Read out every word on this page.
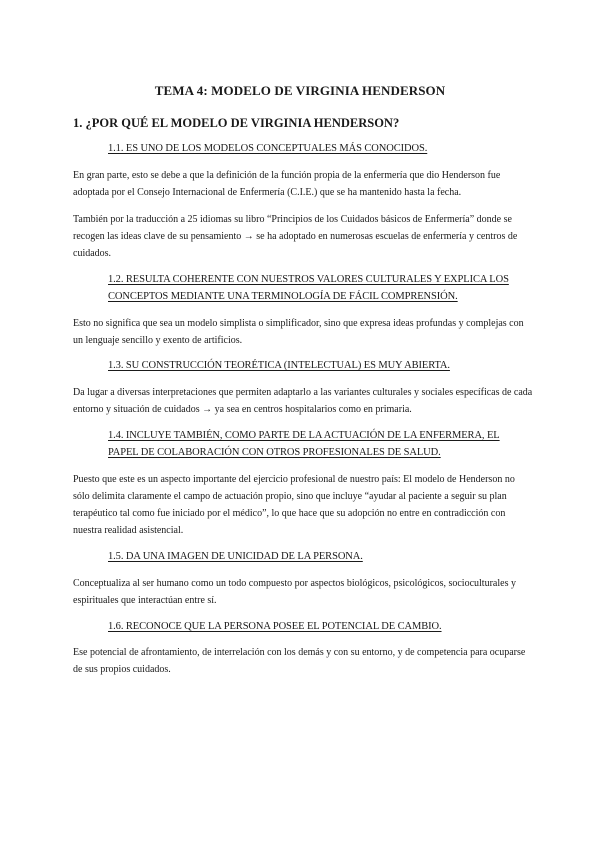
TEMA 4: MODELO DE VIRGINIA HENDERSON
1. ¿POR QUÉ EL MODELO DE VIRGINIA HENDERSON?
1.1. ES UNO DE LOS MODELOS CONCEPTUALES MÁS CONOCIDOS.
En gran parte, esto se debe a que la definición de la función propia de la enfermería que dio Henderson fue adoptada por el Consejo Internacional de Enfermería (C.I.E.) que se ha mantenido hasta la fecha.
También por la traducción a 25 idiomas su libro “Principios de los Cuidados básicos de Enfermería” donde se recogen las ideas clave de su pensamiento → se ha adoptado en numerosas escuelas de enfermería y centros de cuidados.
1.2. RESULTA COHERENTE CON NUESTROS VALORES CULTURALES Y EXPLICA LOS CONCEPTOS MEDIANTE UNA TERMINOLOGÍA DE FÁCIL COMPRENSIÓN.
Esto no significa que sea un modelo simplista o simplificador, sino que expresa ideas profundas y complejas con un lenguaje sencillo y exento de artificios.
1.3. SU CONSTRUCCIÓN TEORÉTICA (INTELECTUAL) ES MUY ABIERTA.
Da lugar a diversas interpretaciones que permiten adaptarlo a las variantes culturales y sociales específicas de cada entorno y situación de cuidados → ya sea en centros hospitalarios como en primaria.
1.4. INCLUYE TAMBIÉN, COMO PARTE DE LA ACTUACIÓN DE LA ENFERMERA, EL PAPEL DE COLABORACIÓN CON OTROS PROFESIONALES DE SALUD.
Puesto que este es un aspecto importante del ejercicio profesional de nuestro país: El modelo de Henderson no sólo delimita claramente el campo de actuación propio, sino que incluye “ayudar al paciente a seguir su plan terapéutico tal como fue iniciado por el médico”, lo que hace que su adopción no entre en contradicción con nuestra realidad asistencial.
1.5. DA UNA IMAGEN DE UNICIDAD DE LA PERSONA.
Conceptualiza al ser humano como un todo compuesto por aspectos biológicos, psicológicos, socioculturales y espirituales que interactúan entre sí.
1.6. RECONOCE QUE LA PERSONA POSEE EL POTENCIAL DE CAMBIO.
Ese potencial de afrontamiento, de interrelación con los demás y con su entorno, y de competencia para ocuparse de sus propios cuidados.
